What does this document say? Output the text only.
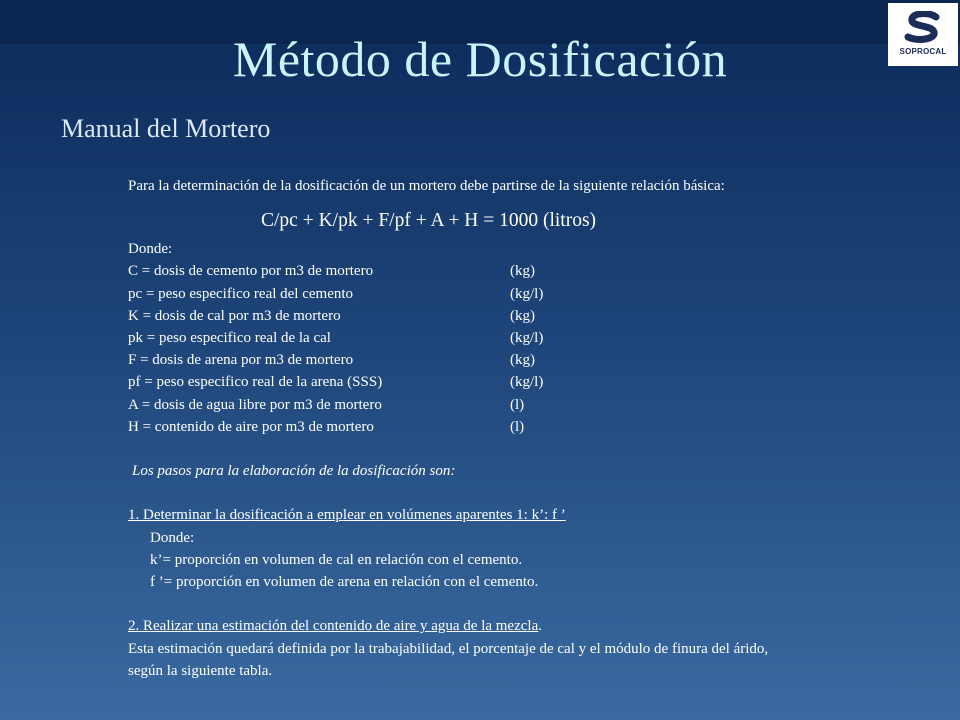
SOPROCAL
Método de Dosificación
Manual del Mortero
Para la determinación de la dosificación de un mortero debe partirse de la siguiente relación básica:
C/pc + K/pk + F/pf + A + H = 1000 (litros)
Donde:
C = dosis de cemento por m3 de mortero	(kg)
pc = peso especifico real del cemento	(kg/l)
K = dosis de cal por m3 de mortero	(kg)
pk = peso especifico real de la cal	(kg/l)
F = dosis de arena por m3 de mortero	(kg)
pf = peso especifico real de la arena (SSS)	(kg/l)
A = dosis de agua libre por m3 de mortero	(l)
H = contenido de aire por m3 de mortero	(l)
Los pasos para la elaboración de la dosificación son:
1. Determinar la dosificación a emplear en volúmenes aparentes 1: k’: f ’
Donde:
k’= proporción en volumen de cal en relación con el cemento.
f ’= proporción en volumen de arena en relación con el cemento.
2. Realizar una estimación del contenido de aire y agua de la mezcla.
Esta estimación quedará definida por la trabajabilidad, el porcentaje de cal y el módulo de finura del árido,
según la siguiente tabla.
